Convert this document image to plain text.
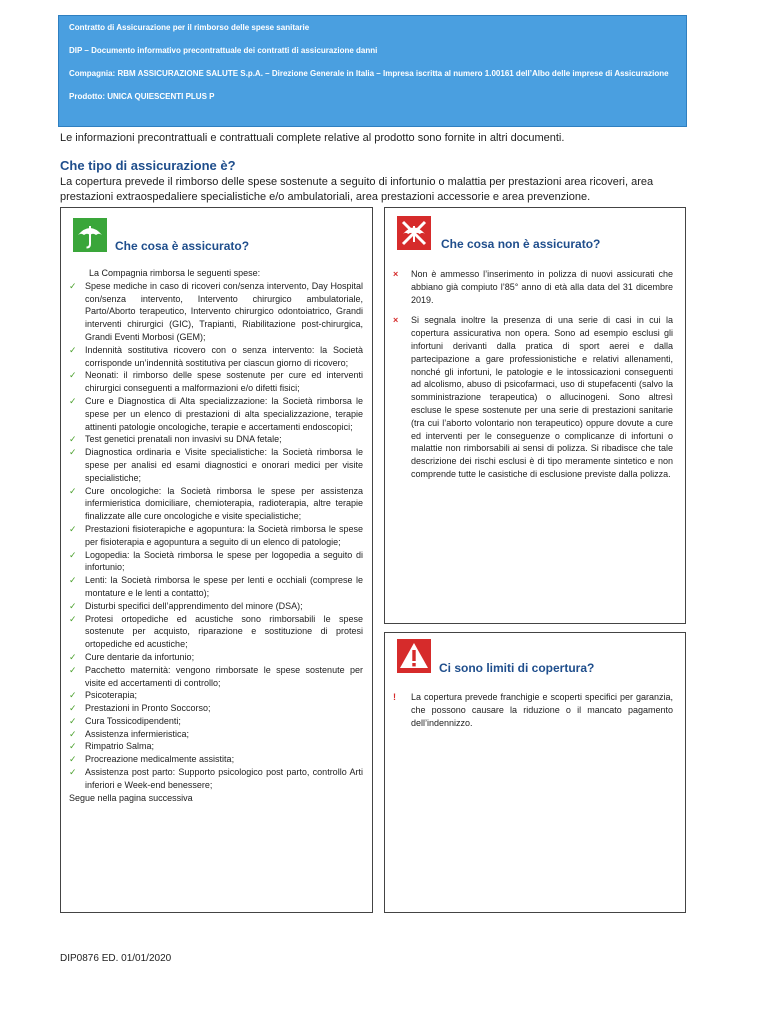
Contratto di Assicurazione per il rimborso delle spese sanitarie
DIP – Documento informativo precontrattuale dei contratti di assicurazione danni
Compagnia: RBM ASSICURAZIONE SALUTE S.p.A. – Direzione Generale in Italia – Impresa iscritta al numero 1.00161 dell’Albo delle imprese di Assicurazione
Prodotto: UNICA QUIESCENTI PLUS P
Le informazioni precontrattuali e contrattuali complete relative al prodotto sono fornite in altri documenti.
Che tipo di assicurazione è?
La copertura prevede il rimborso delle spese sostenute a seguito di infortunio o malattia per prestazioni area ricoveri, area prestazioni extraospedaliere specialistiche e/o ambulatoriali, area prestazioni accessorie e area prevenzione.
Che cosa è assicurato?
La Compagnia rimborsa le seguenti spese:
✓ Spese mediche in caso di ricoveri con/senza intervento, Day Hospital con/senza intervento, Intervento chirurgico ambulatoriale, Parto/Aborto terapeutico, Intervento chirurgico odontoiatrico, Grandi interventi chirurgici (GIC), Trapianti, Riabilitazione post-chirurgica, Grandi Eventi Morbosi (GEM);
✓ Indennità sostitutiva ricovero con o senza intervento: la Società corrisponde un’indennità sostitutiva per ciascun giorno di ricovero;
✓ Neonati: il rimborso delle spese sostenute per cure ed interventi chirurgici conseguenti a malformazioni e/o difetti fisici;
✓ Cure e Diagnostica di Alta specializzazione: la Società rimborsa le spese per un elenco di prestazioni di alta specializzazione, terapie attinenti patologie oncologiche, terapie e accertamenti endoscopici;
✓ Test genetici prenatali non invasivi su DNA fetale;
✓ Diagnostica ordinaria e Visite specialistiche: la Società rimborsa le spese per analisi ed esami diagnostici e onorari medici per visite specialistiche;
✓ Cure oncologiche: la Società rimborsa le spese per assistenza infermieristica domiciliare, chemioterapia, radioterapia, altre terapie finalizzate alle cure oncologiche e visite specialistiche;
✓ Prestazioni fisioterapiche e agopuntura: la Società rimborsa le spese per fisioterapia e agopuntura a seguito di un elenco di patologie;
✓ Logopedia: la Società rimborsa le spese per logopedia a seguito di infortunio;
✓ Lenti: la Società rimborsa le spese per lenti e occhiali (comprese le montature e le lenti a contatto);
✓ Disturbi specifici dell’apprendimento del minore (DSA);
✓ Protesi ortopediche ed acustiche sono rimborsabili le spese sostenute per acquisto, riparazione e sostituzione di protesi ortopediche ed acustiche;
✓ Cure dentarie da infortunio;
✓ Pacchetto maternità: vengono rimborsate le spese sostenute per visite ed accertamenti di controllo;
✓ Psicoterapia;
✓ Prestazioni in Pronto Soccorso;
✓ Cura Tossicodipendenti;
✓ Assistenza infermieristica;
✓ Rimpatrio Salma;
✓ Procreazione medicalmente assistita;
✓ Assistenza post parto: Supporto psicologico post parto, controllo Arti inferiori e Week-end benessere;
Segue nella pagina successiva
Che cosa non è assicurato?
× Non è ammesso l’inserimento in polizza di nuovi assicurati che abbiano già compiuto l’85° anno di età alla data del 31 dicembre 2019.
× Si segnala inoltre la presenza di una serie di casi in cui la copertura assicurativa non opera. Sono ad esempio esclusi gli infortuni derivanti dalla pratica di sport aerei e dalla partecipazione a gare professionistiche e relativi allenamenti, nonché gli infortuni, le patologie e le intossicazioni conseguenti ad alcolismo, abuso di psicofarmaci, uso di stupefacenti (salvo la somministrazione terapeutica) o allucinogeni. Sono altresì escluse le spese sostenute per una serie di prestazioni sanitarie (tra cui l’aborto volontario non terapeutico) oppure dovute a cure ed interventi per le conseguenze o complicanze di infortuni o malattie non rimborsabili ai sensi di polizza. Si ribadisce che tale descrizione dei rischi esclusi è di tipo meramente sintetico e non comprende tutte le casistiche di esclusione previste dalla polizza.
Ci sono limiti di copertura?
! La copertura prevede franchigie e scoperti specifici per garanzia, che possono causare la riduzione o il mancato pagamento dell’indennizzo.
DIP0876 ED. 01/01/2020
